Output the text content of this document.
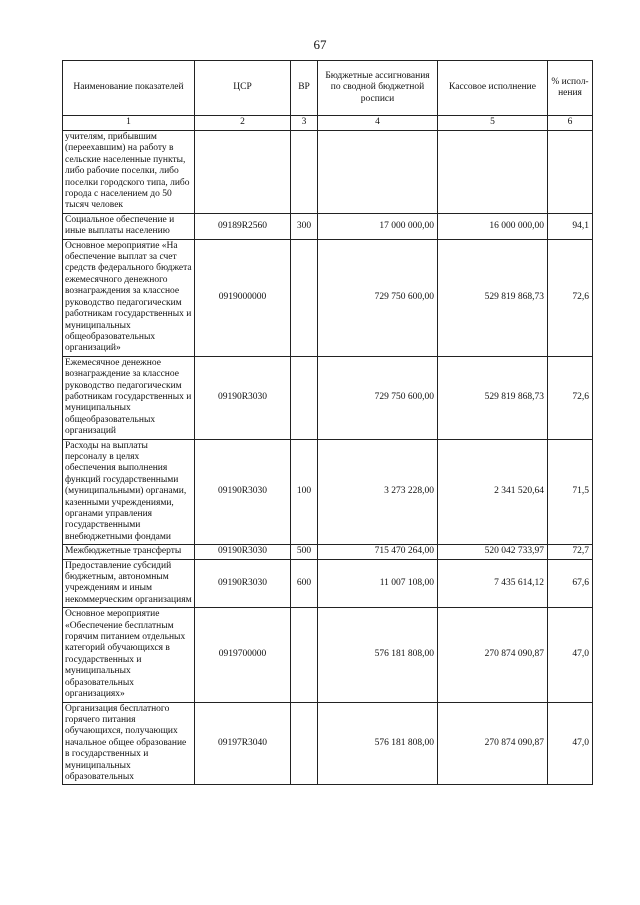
67
Наименование показателей	ЦСР	ВР	Бюджетные ассигнования по сводной бюджетной росписи	Кассовое исполнение	% испол-нения
1	2	3	4	5	6
учителям, прибывшим (переехавшим) на работу в сельские населенные пункты, либо рабочие поселки, либо поселки городского типа, либо города с населением до 50 тысяч человек					
Социальное обеспечение и иные выплаты населению	09189R2560	300	17 000 000,00	16 000 000,00	94,1
Основное мероприятие «На обеспечение выплат за счет средств федерального бюджета ежемесячного денежного вознаграждения за классное руководство педагогическим работникам государственных и муниципальных общеобразовательных организаций»	0919000000		729 750 600,00	529 819 868,73	72,6
Ежемесячное денежное вознаграждение за классное руководство педагогическим работникам государственных и муниципальных общеобразовательных организаций	09190R3030		729 750 600,00	529 819 868,73	72,6
Расходы на выплаты персоналу в целях обеспечения выполнения функций государственными (муниципальными) органами, казенными учреждениями, органами управления государственными внебюджетными фондами	09190R3030	100	3 273 228,00	2 341 520,64	71,5
Межбюджетные трансферты	09190R3030	500	715 470 264,00	520 042 733,97	72,7
Предоставление субсидий бюджетным, автономным учреждениям и иным некоммерческим организациям	09190R3030	600	11 007 108,00	7 435 614,12	67,6
Основное мероприятие «Обеспечение бесплатным горячим питанием отдельных категорий обучающихся в государственных и муниципальных образовательных организациях»	0919700000		576 181 808,00	270 874 090,87	47,0
Организация бесплатного горячего питания обучающихся, получающих начальное общее образование в государственных и муниципальных образовательных	09197R3040		576 181 808,00	270 874 090,87	47,0
